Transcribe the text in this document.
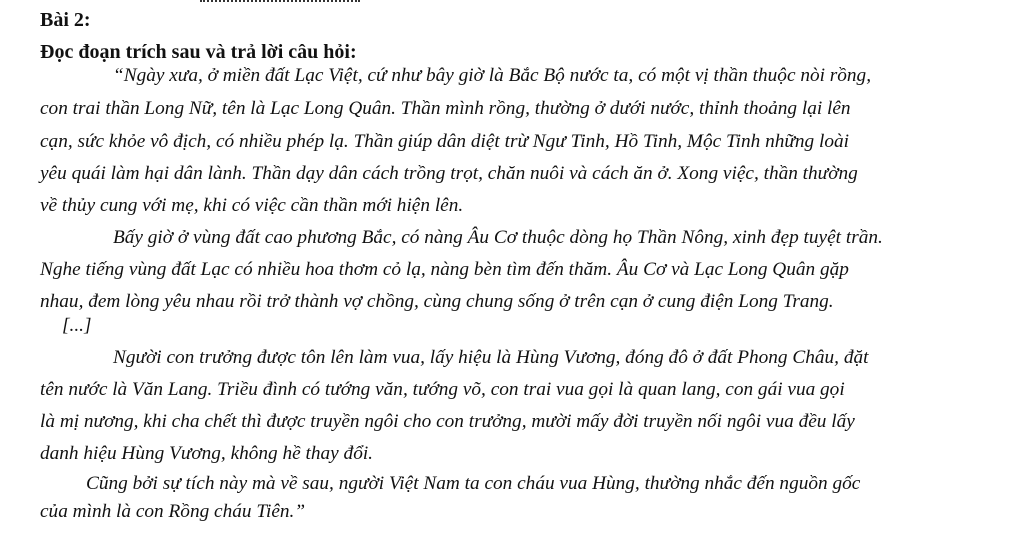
Bài 2:
Đọc đoạn trích sau và trả lời câu hỏi:
“Ngày xưa, ở miền đất Lạc Việt, cứ như bây giờ là Bắc Bộ nước ta, có một vị thần thuộc nòi rồng,
con trai thần Long Nữ, tên là Lạc Long Quân. Thần mình rồng, thường ở dưới nước, thỉnh thoảng lại lên
cạn, sức khỏe vô địch, có nhiều phép lạ. Thần giúp dân diệt trừ Ngư Tinh, Hồ Tinh, Mộc Tinh những loài
yêu quái làm hại dân lành. Thần dạy dân cách trồng trọt, chăn nuôi và cách ăn ở. Xong việc, thần thường
về thủy cung với mẹ, khi có việc cần thần mới hiện lên.
Bấy giờ ở vùng đất cao phương Bắc, có nàng Âu Cơ thuộc dòng họ Thần Nông, xinh đẹp tuyệt trần.
Nghe tiếng vùng đất Lạc có nhiều hoa thơm cỏ lạ, nàng bèn tìm đến thăm. Âu Cơ và Lạc Long Quân gặp
nhau, đem lòng yêu nhau rồi trở thành vợ chồng, cùng chung sống ở trên cạn ở cung điện Long Trang.
[...]
Người con trưởng được tôn lên làm vua, lấy hiệu là Hùng Vương, đóng đô ở đất Phong Châu, đặt
tên nước là Văn Lang. Triều đình có tướng văn, tướng võ, con trai vua gọi là quan lang, con gái vua gọi
là mị nương, khi cha chết thì được truyền ngôi cho con trưởng, mười mấy đời truyền nối ngôi vua đều lấy
danh hiệu Hùng Vương, không hề thay đổi.
Cũng bởi sự tích này mà về sau, người Việt Nam ta con cháu vua Hùng, thường nhắc đến nguồn gốc
của mình là con Rồng cháu Tiên.”
